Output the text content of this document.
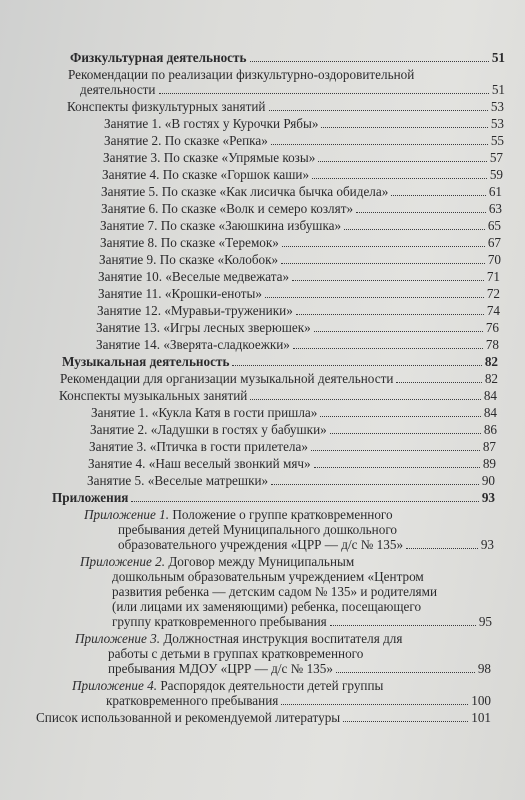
Физкультурная деятельность	51
Рекомендации по реализации физкультурно-оздоровительной
деятельности	51
Конспекты физкультурных занятий	53
Занятие 1. «В гостях у Курочки Рябы»	53
Занятие 2. По сказке «Репка»	55
Занятие 3. По сказке «Упрямые козы»	57
Занятие 4. По сказке «Горшок каши»	59
Занятие 5. По сказке «Как лисичка бычка обидела»	61
Занятие 6. По сказке «Волк и семеро козлят»	63
Занятие 7. По сказке «Заюшкина избушка»	65
Занятие 8. По сказке «Теремок»	67
Занятие 9. По сказке «Колобок»	70
Занятие 10. «Веселые медвежата»	71
Занятие 11. «Крошки-еноты»	72
Занятие 12. «Муравьи-труженики»	74
Занятие 13. «Игры лесных зверюшек»	76
Занятие 14. «Зверята-сладкоежки»	78
Музыкальная деятельность	82
Рекомендации для организации музыкальной деятельности	82
Конспекты музыкальных занятий	84
Занятие 1. «Кукла Катя в гости пришла»	84
Занятие 2. «Ладушки в гостях у бабушки»	86
Занятие 3. «Птичка в гости прилетела»	87
Занятие 4. «Наш веселый звонкий мяч»	89
Занятие 5. «Веселые матрешки»	90
Приложения	93
Приложение 1. Положение о группе кратковременного
пребывания детей Муниципального дошкольного
образовательного учреждения «ЦРР — д/с № 135»	93
Приложение 2. Договор между Муниципальным
дошкольным образовательным учреждением «Центром
развития ребенка — детским садом № 135» и родителями
(или лицами их заменяющими) ребенка, посещающего
группу кратковременного пребывания	95
Приложение 3. Должностная инструкция воспитателя для
работы с детьми в группах кратковременного
пребывания МДОУ «ЦРР — д/с № 135»	98
Приложение 4. Распорядок деятельности детей группы
кратковременного пребывания	100
Список использованной и рекомендуемой литературы	101
